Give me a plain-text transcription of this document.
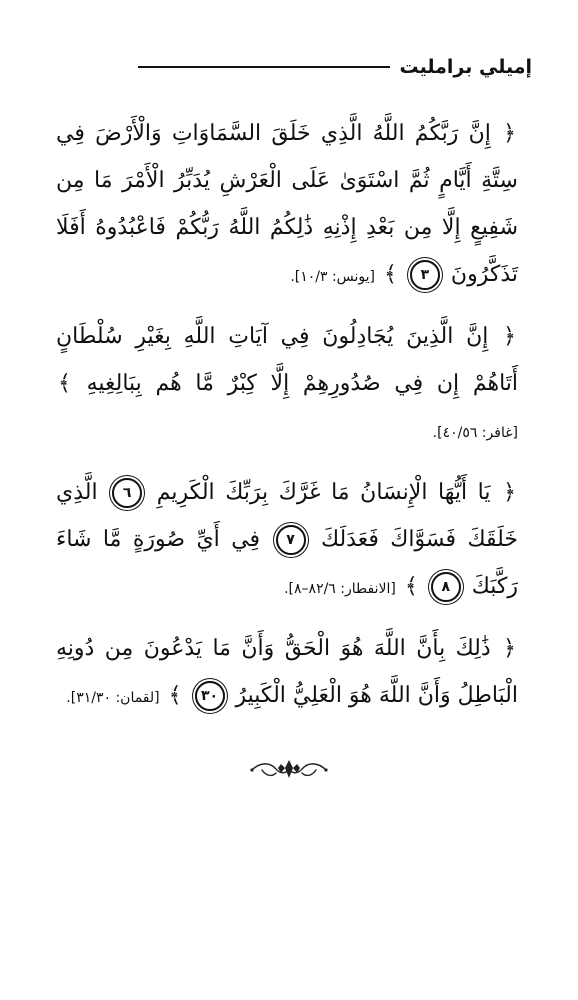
إميلي برامليت

﴿ إِنَّ رَبَّكُمُ اللَّهُ الَّذِي خَلَقَ السَّمَاوَاتِ وَالْأَرْضَ فِي سِتَّةِ أَيَّامٍ ثُمَّ اسْتَوَىٰ عَلَى الْعَرْشِ يُدَبِّرُ الْأَمْرَ مَا مِن شَفِيعٍ إِلَّا مِن بَعْدِ إِذْنِهِ ذَٰلِكُمُ اللَّهُ رَبُّكُمْ فَاعْبُدُوهُ أَفَلَا تَذَكَّرُونَ ٣ ﴾ [يونس: ١٠/٣].

﴿ إِنَّ الَّذِينَ يُجَادِلُونَ فِي آيَاتِ اللَّهِ بِغَيْرِ سُلْطَانٍ أَتَاهُمْ إِن فِي صُدُورِهِمْ إِلَّا كِبْرٌ مَّا هُم بِبَالِغِيهِ ﴾ [غافر: ٤٠/٥٦].

﴿ يَا أَيُّهَا الْإِنسَانُ مَا غَرَّكَ بِرَبِّكَ الْكَرِيمِ ٦ الَّذِي خَلَقَكَ فَسَوَّاكَ فَعَدَلَكَ ٧ فِي أَيِّ صُورَةٍ مَّا شَاءَ رَكَّبَكَ ٨ ﴾ [الانفطار: ٨٢/٦–٨].

﴿ ذَٰلِكَ بِأَنَّ اللَّهَ هُوَ الْحَقُّ وَأَنَّ مَا يَدْعُونَ مِن دُونِهِ الْبَاطِلُ وَأَنَّ اللَّهَ هُوَ الْعَلِيُّ الْكَبِيرُ ٣٠ ﴾ [لقمان: ٣١/٣٠].
